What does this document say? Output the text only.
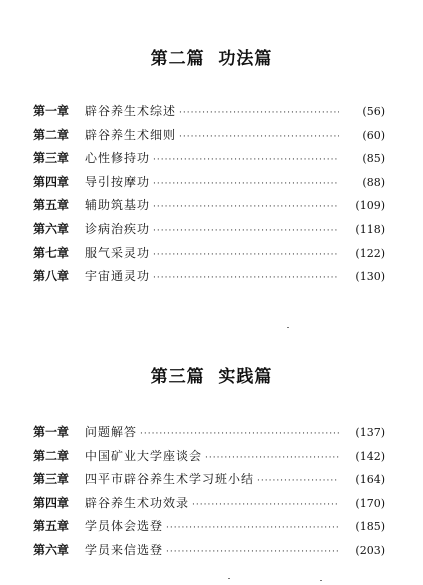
第二篇  功法篇
第一章	辟谷养生术综述 ·····	(56)
第二章	辟谷养生术细则 ·····	(60)
第三章	心性修持功 ·····	(85)
第四章	导引按摩功 ·····	(88)
第五章	辅助筑基功 ·····	(109)
第六章	诊病治疾功 ·····	(118)
第七章	服气采灵功 ·····	(122)
第八章	宇宙通灵功 ·····	(130)
第三篇  实践篇
第一章	问题解答 ·····	(137)
第二章	中国矿业大学座谈会 ·····	(142)
第三章	四平市辟谷养生术学习班小结 ·····	(164)
第四章	辟谷养生术功效录 ·····	(170)
第五章	学员体会选登 ·····	(185)
第六章	学员来信选登 ·····	(203)
